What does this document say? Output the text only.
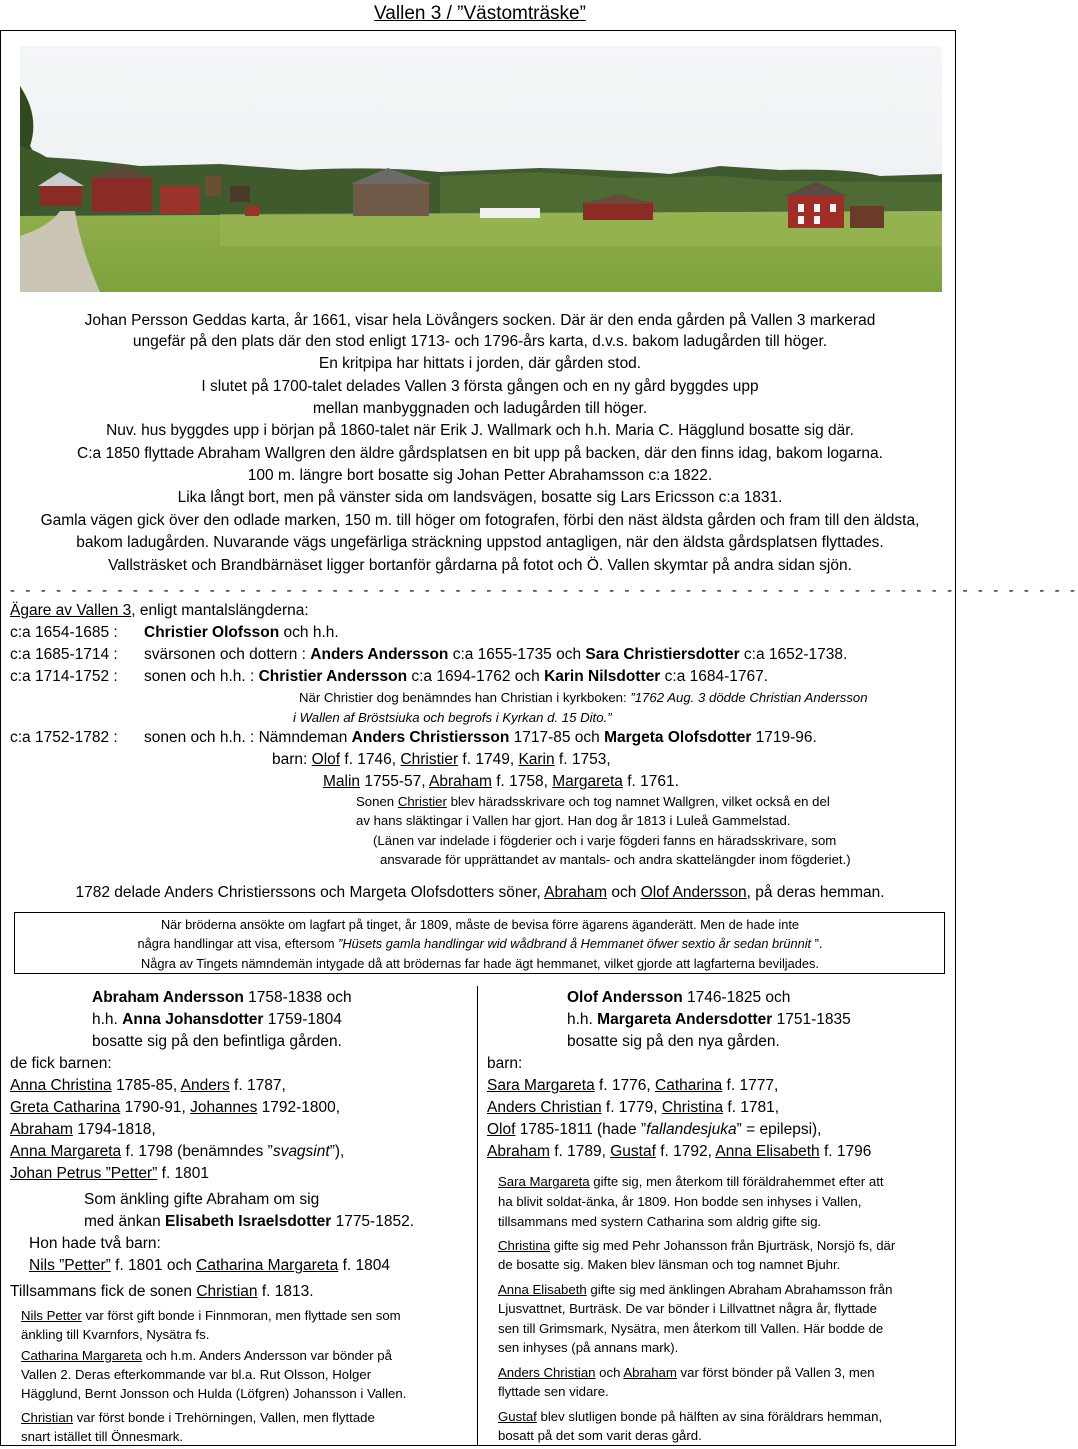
Vallen 3 / ”Västomträske”
Johan Persson Geddas karta, år 1661, visar hela Lövångers socken. Där är den enda gården på Vallen 3 markerad
ungefär på den plats där den stod enligt 1713- och 1796-års karta, d.v.s. bakom ladugården till höger.
En kritpipa har hittats i jorden, där gården stod.
I slutet på 1700-talet delades Vallen 3 första gången och en ny gård byggdes upp
mellan manbyggnaden och ladugården till höger.
Nuv. hus byggdes upp i början på 1860-talet när Erik J. Wallmark och h.h. Maria C. Hägglund bosatte sig där.
C:a 1850 flyttade Abraham Wallgren den äldre gårdsplatsen en bit upp på backen, där den finns idag, bakom logarna.
100 m. längre bort bosatte sig Johan Petter Abrahamsson c:a 1822.
Lika långt bort, men på vänster sida om landsvägen, bosatte sig Lars Ericsson c:a 1831.
Gamla vägen gick över den odlade marken, 150 m. till höger om fotografen, förbi den näst äldsta gården och fram till den äldsta,
bakom ladugården. Nuvarande vägs ungefärliga sträckning uppstod antagligen, när den äldsta gårdsplatsen flyttades.
Vallsträsket och Brandbärnäset ligger bortanför gårdarna på fotot och Ö. Vallen skymtar på andra sidan sjön.
- - - - - - - - - - - - - - - - - - - - - - - - - - - - - - - - - - - - - - - - - - - - - - - - - - - - - - - - - - - - - - - - - - - - - -
Ägare av Vallen 3, enligt mantalslängderna:
c:a 1654-1685 : Christier Olofsson och h.h.
c:a 1685-1714 : svärsonen och dottern : Anders Andersson c:a 1655-1735 och Sara Christiersdotter c:a 1652-1738.
c:a 1714-1752 : sonen och h.h. : Christier Andersson c:a 1694-1762 och Karin Nilsdotter c:a 1684-1767.
När Christier dog benämndes han Christian i kyrkboken: ”1762 Aug. 3 dödde Christian Andersson
i Wallen af Bröstsiuka och begrofs i Kyrkan d. 15 Dito.”
c:a 1752-1782 : sonen och h.h. : Nämndeman Anders Christiersson 1717-85 och Margeta Olofsdotter 1719-96.
barn: Olof f. 1746, Christier f. 1749, Karin f. 1753,
Malin 1755-57, Abraham f. 1758, Margareta f. 1761.
Sonen Christier blev häradsskrivare och tog namnet Wallgren, vilket också en del
av hans släktingar i Vallen har gjort. Han dog år 1813 i Luleå Gammelstad.
(Länen var indelade i fögderier och i varje fögderi fanns en häradsskrivare, som
ansvarade för upprättandet av mantals- och andra skattelängder inom fögderiet.)
1782 delade Anders Christierssons och Margeta Olofsdotters söner, Abraham och Olof Andersson, på deras hemman.
När bröderna ansökte om lagfart på tinget, år 1809, måste de bevisa förre ägarens äganderätt. Men de hade inte
några handlingar att visa, eftersom ”Hüsets gamla handlingar wid wådbrand å Hemmanet öfwer sextio år sedan brünnit ”.
Några av Tingets nämndemän intygade då att brödernas far hade ägt hemmanet, vilket gjorde att lagfarterna beviljades.
Abraham Andersson 1758-1838 och
h.h. Anna Johansdotter 1759-1804
bosatte sig på den befintliga gården.
de fick barnen:
Anna Christina 1785-85, Anders f. 1787,
Greta Catharina 1790-91, Johannes 1792-1800,
Abraham 1794-1818,
Anna Margareta f. 1798 (benämndes ”svagsint”),
Johan Petrus ”Petter” f. 1801
Som änkling gifte Abraham om sig
med änkan Elisabeth Israelsdotter 1775-1852.
Hon hade två barn:
Nils ”Petter” f. 1801 och Catharina Margareta f. 1804
Tillsammans fick de sonen Christian f. 1813.
Nils Petter var först gift bonde i Finnmoran, men flyttade sen som
änkling till Kvarnfors, Nysätra fs.
Catharina Margareta och h.m. Anders Andersson var bönder på
Vallen 2. Deras efterkommande var bl.a. Rut Olsson, Holger
Hägglund, Bernt Jonsson och Hulda (Löfgren) Johansson i Vallen.
Christian var först bonde i Trehörningen, Vallen, men flyttade
snart istället till Önnesmark.
Olof Andersson 1746-1825 och
h.h. Margareta Andersdotter 1751-1835
bosatte sig på den nya gården.
barn:
Sara Margareta f. 1776, Catharina f. 1777,
Anders Christian f. 1779, Christina f. 1781,
Olof 1785-1811 (hade ”fallandesjuka” = epilepsi),
Abraham f. 1789, Gustaf f. 1792, Anna Elisabeth f. 1796
Sara Margareta gifte sig, men återkom till föräldrahemmet efter att
ha blivit soldat-änka, år 1809. Hon bodde sen inhyses i Vallen,
tillsammans med systern Catharina som aldrig gifte sig.
Christina gifte sig med Pehr Johansson från Bjurträsk, Norsjö fs, där
de bosatte sig. Maken blev länsman och tog namnet Bjuhr.
Anna Elisabeth gifte sig med änklingen Abraham Abrahamsson från
Ljusvattnet, Burträsk. De var bönder i Lillvattnet några år, flyttade
sen till Grimsmark, Nysätra, men återkom till Vallen. Här bodde de
sen inhyses (på annans mark).
Anders Christian och Abraham var först bönder på Vallen 3, men
flyttade sen vidare.
Gustaf blev slutligen bonde på hälften av sina föräldrars hemman,
bosatt på det som varit deras gård.
